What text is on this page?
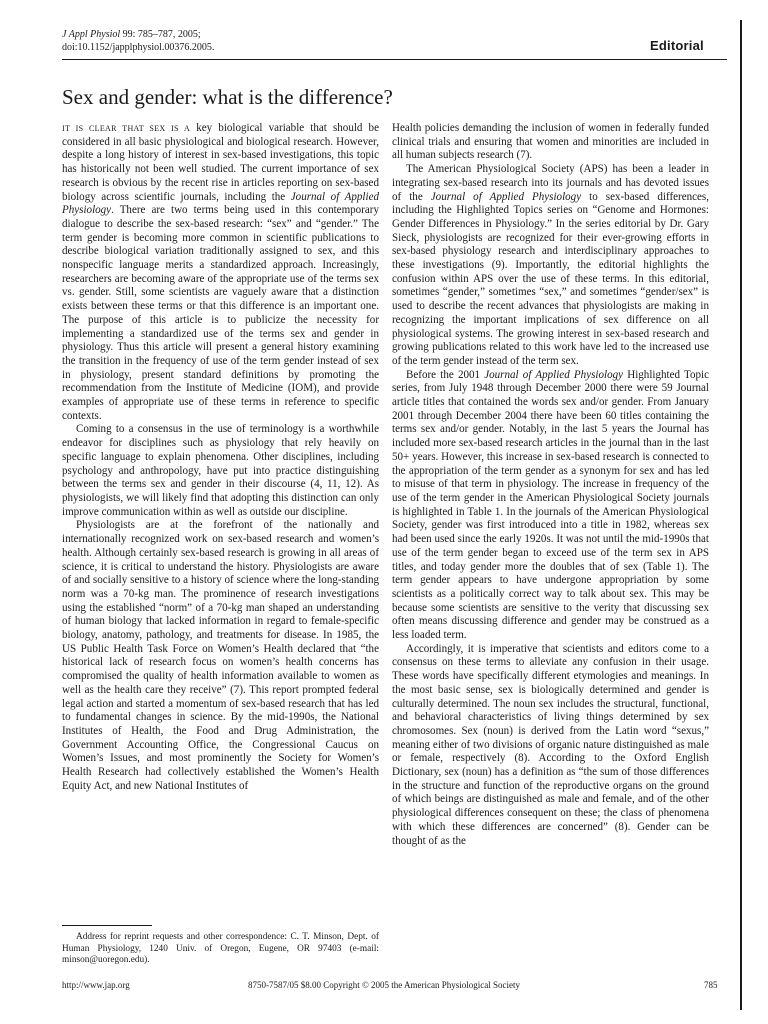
J Appl Physiol 99: 785–787, 2005;
doi:10.1152/japplphysiol.00376.2005.	Editorial
Sex and gender: what is the difference?

IT IS CLEAR THAT SEX IS A key biological variable that should be considered in all basic physiological and biological research. However, despite a long history of interest in sex-based investigations, this topic has historically not been well studied. The current importance of sex research is obvious by the recent rise in articles reporting on sex-based biology across scientific journals, including the Journal of Applied Physiology. There are two terms being used in this contemporary dialogue to describe the sex-based research: “sex” and “gender.” The term gender is becoming more common in scientific publications to describe biological variation traditionally assigned to sex, and this nonspecific language merits a standardized approach. Increasingly, researchers are becoming aware of the appropriate use of the terms sex vs. gender. Still, some scientists are vaguely aware that a distinction exists between these terms or that this difference is an important one. The purpose of this article is to publicize the necessity for implementing a standardized use of the terms sex and gender in physiology. Thus this article will present a general history examining the transition in the frequency of use of the term gender instead of sex in physiology, present standard definitions by promoting the recommendation from the Institute of Medicine (IOM), and provide examples of appropriate use of these terms in reference to specific contexts.

Coming to a consensus in the use of terminology is a worthwhile endeavor for disciplines such as physiology that rely heavily on specific language to explain phenomena. Other disciplines, including psychology and anthropology, have put into practice distinguishing between the terms sex and gender in their discourse (4, 11, 12). As physiologists, we will likely find that adopting this distinction can only improve communication within as well as outside our discipline.

Physiologists are at the forefront of the nationally and internationally recognized work on sex-based research and women’s health. Although certainly sex-based research is growing in all areas of science, it is critical to understand the history. Physiologists are aware of and socially sensitive to a history of science where the long-standing norm was a 70-kg man. The prominence of research investigations using the established “norm” of a 70-kg man shaped an understanding of human biology that lacked information in regard to female-specific biology, anatomy, pathology, and treatments for disease. In 1985, the US Public Health Task Force on Women’s Health declared that “the historical lack of research focus on women’s health concerns has compromised the quality of health information available to women as well as the health care they receive” (7). This report prompted federal legal action and started a momentum of sex-based research that has led to fundamental changes in science. By the mid-1990s, the National Institutes of Health, the Food and Drug Administration, the Government Accounting Office, the Congressional Caucus on Women’s Issues, and most prominently the Society for Women’s Health Research had collectively established the Women’s Health Equity Act, and new National Institutes of

Address for reprint requests and other correspondence: C. T. Minson, Dept. of Human Physiology, 1240 Univ. of Oregon, Eugene, OR 97403 (e-mail: minson@uoregon.edu).

Health policies demanding the inclusion of women in federally funded clinical trials and ensuring that women and minorities are included in all human subjects research (7).

The American Physiological Society (APS) has been a leader in integrating sex-based research into its journals and has devoted issues of the Journal of Applied Physiology to sex-based differences, including the Highlighted Topics series on “Genome and Hormones: Gender Differences in Physiology.” In the series editorial by Dr. Gary Sieck, physiologists are recognized for their ever-growing efforts in sex-based physiology research and interdisciplinary approaches to these investigations (9). Importantly, the editorial highlights the confusion within APS over the use of these terms. In this editorial, sometimes “gender,” sometimes “sex,” and sometimes “gender/sex” is used to describe the recent advances that physiologists are making in recognizing the important implications of sex difference on all physiological systems. The growing interest in sex-based research and growing publications related to this work have led to the increased use of the term gender instead of the term sex.

Before the 2001 Journal of Applied Physiology Highlighted Topic series, from July 1948 through December 2000 there were 59 Journal article titles that contained the words sex and/or gender. From January 2001 through December 2004 there have been 60 titles containing the terms sex and/or gender. Notably, in the last 5 years the Journal has included more sex-based research articles in the journal than in the last 50+ years. However, this increase in sex-based research is connected to the appropriation of the term gender as a synonym for sex and has led to misuse of that term in physiology. The increase in frequency of the use of the term gender in the American Physiological Society journals is highlighted in Table 1. In the journals of the American Physiological Society, gender was first introduced into a title in 1982, whereas sex had been used since the early 1920s. It was not until the mid-1990s that use of the term gender began to exceed use of the term sex in APS titles, and today gender more the doubles that of sex (Table 1). The term gender appears to have undergone appropriation by some scientists as a politically correct way to talk about sex. This may be because some scientists are sensitive to the verity that discussing sex often means discussing difference and gender may be construed as a less loaded term.

Accordingly, it is imperative that scientists and editors come to a consensus on these terms to alleviate any confusion in their usage. These words have specifically different etymologies and meanings. In the most basic sense, sex is biologically determined and gender is culturally determined. The noun sex includes the structural, functional, and behavioral characteristics of living things determined by sex chromosomes. Sex (noun) is derived from the Latin word “sexus,” meaning either of two divisions of organic nature distinguished as male or female, respectively (8). According to the Oxford English Dictionary, sex (noun) has a definition as “the sum of those differences in the structure and function of the reproductive organs on the ground of which beings are distinguished as male and female, and of the other physiological differences consequent on these; the class of phenomena with which these differences are concerned” (8). Gender can be thought of as the

http://www.jap.org	8750-7587/05 $8.00 Copyright © 2005 the American Physiological Society	785
